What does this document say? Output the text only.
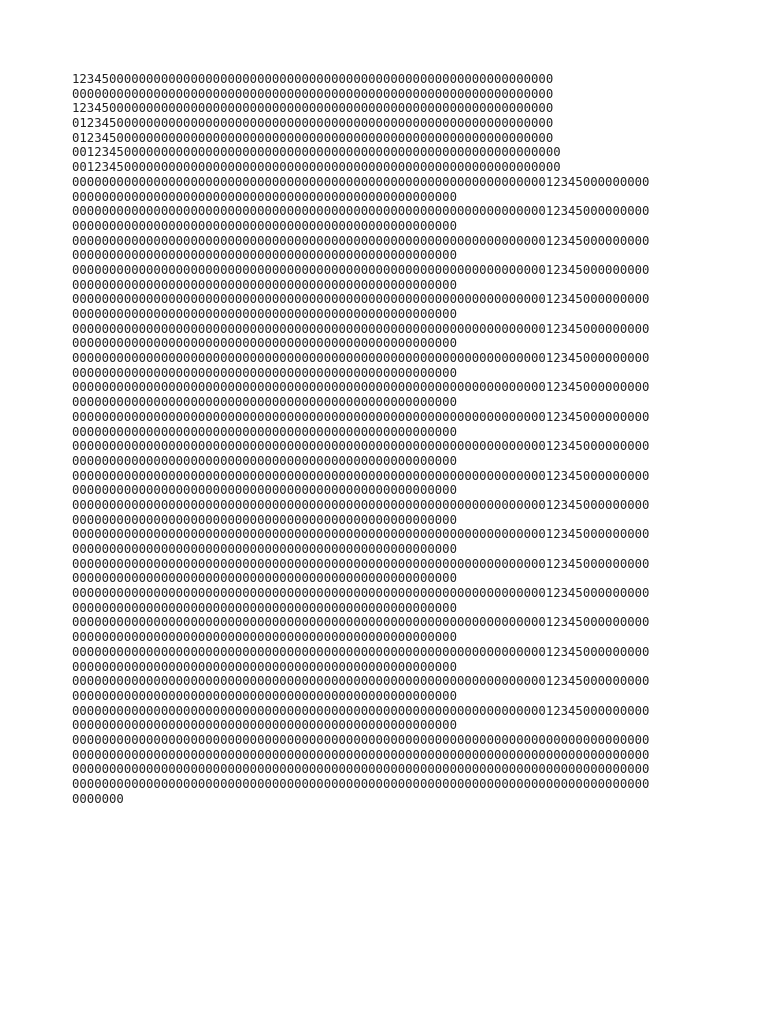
12345000000000000000000000000000000000000000000000000000000000000
00000000000000000000000000000000000000000000000000000000000000000
12345000000000000000000000000000000000000000000000000000000000000
01234500000000000000000000000000000000000000000000000000000000000
01234500000000000000000000000000000000000000000000000000000000000
001234500000000000000000000000000000000000000000000000000000000000
001234500000000000000000000000000000000000000000000000000000000000
000000000000000000000000000000000000000000000000000000000000000012345000000000
0000000000000000000000000000000000000000000000000000
000000000000000000000000000000000000000000000000000000000000000012345000000000
0000000000000000000000000000000000000000000000000000
000000000000000000000000000000000000000000000000000000000000000012345000000000
0000000000000000000000000000000000000000000000000000
000000000000000000000000000000000000000000000000000000000000000012345000000000
0000000000000000000000000000000000000000000000000000
000000000000000000000000000000000000000000000000000000000000000012345000000000
0000000000000000000000000000000000000000000000000000
000000000000000000000000000000000000000000000000000000000000000012345000000000
0000000000000000000000000000000000000000000000000000
000000000000000000000000000000000000000000000000000000000000000012345000000000
0000000000000000000000000000000000000000000000000000
000000000000000000000000000000000000000000000000000000000000000012345000000000
0000000000000000000000000000000000000000000000000000
000000000000000000000000000000000000000000000000000000000000000012345000000000
0000000000000000000000000000000000000000000000000000
000000000000000000000000000000000000000000000000000000000000000012345000000000
0000000000000000000000000000000000000000000000000000
000000000000000000000000000000000000000000000000000000000000000012345000000000
0000000000000000000000000000000000000000000000000000
000000000000000000000000000000000000000000000000000000000000000012345000000000
0000000000000000000000000000000000000000000000000000
000000000000000000000000000000000000000000000000000000000000000012345000000000
0000000000000000000000000000000000000000000000000000
000000000000000000000000000000000000000000000000000000000000000012345000000000
0000000000000000000000000000000000000000000000000000
000000000000000000000000000000000000000000000000000000000000000012345000000000
0000000000000000000000000000000000000000000000000000
000000000000000000000000000000000000000000000000000000000000000012345000000000
0000000000000000000000000000000000000000000000000000
000000000000000000000000000000000000000000000000000000000000000012345000000000
0000000000000000000000000000000000000000000000000000
000000000000000000000000000000000000000000000000000000000000000012345000000000
0000000000000000000000000000000000000000000000000000
000000000000000000000000000000000000000000000000000000000000000012345000000000
0000000000000000000000000000000000000000000000000000
000000000000000000000000000000000000000000000000000000000000000000000000000000
000000000000000000000000000000000000000000000000000000000000000000000000000000
000000000000000000000000000000000000000000000000000000000000000000000000000000
000000000000000000000000000000000000000000000000000000000000000000000000000000
0000000
